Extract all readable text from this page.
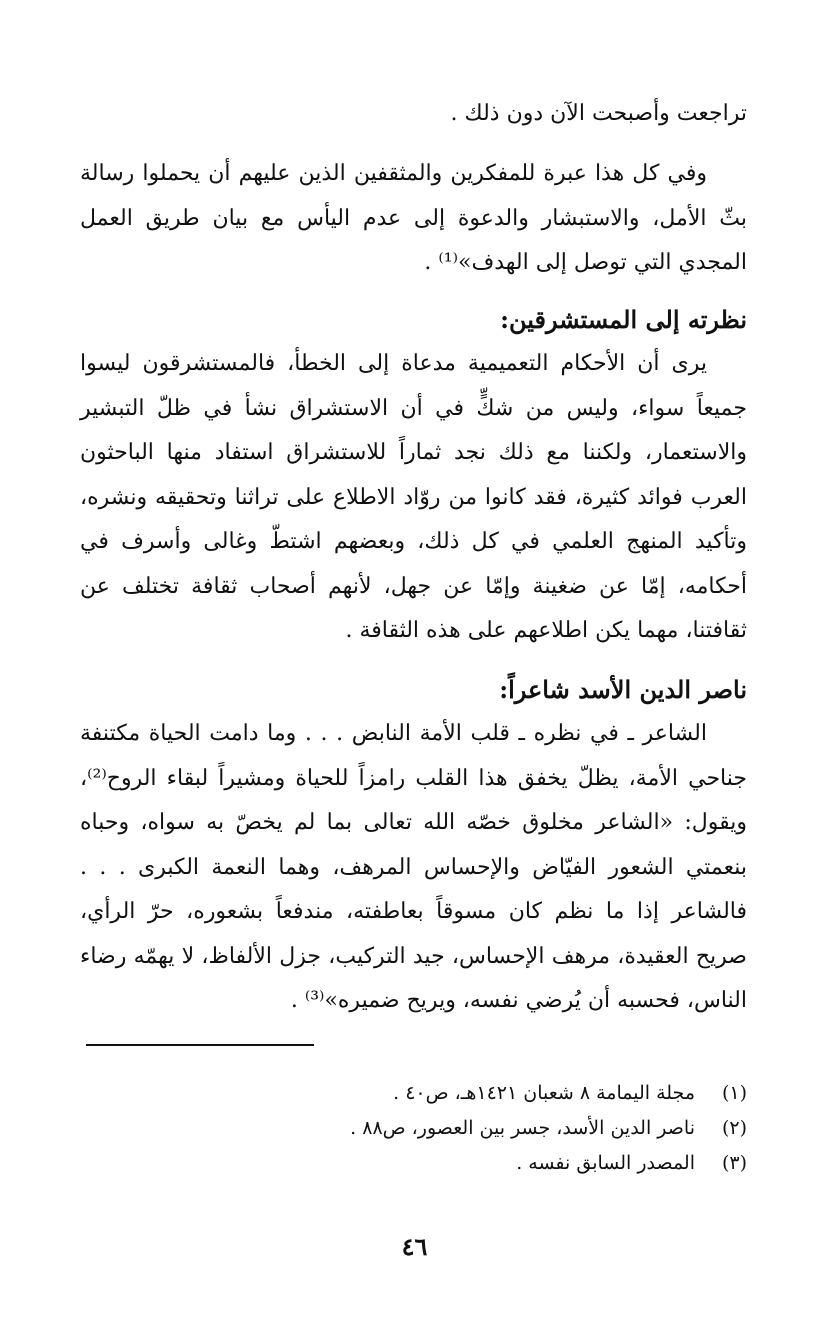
تراجعت وأصبحت الآن دون ذلك .

وفي كل هذا عبرة للمفكرين والمثقفين الذين عليهم أن يحملوا رسالة بثّ الأمل، والاستبشار والدعوة إلى عدم اليأس مع بيان طريق العمل المجدي التي توصل إلى الهدف»⁽¹⁾ .

نظرته إلى المستشرقين:

يرى أن الأحكام التعميمية مدعاة إلى الخطأ، فالمستشرقون ليسوا جميعاً سواء، وليس من شكٍّ في أن الاستشراق نشأ في ظلّ التبشير والاستعمار، ولكننا مع ذلك نجد ثماراً للاستشراق استفاد منها الباحثون العرب فوائد كثيرة، فقد كانوا من روّاد الاطلاع على تراثنا وتحقيقه ونشره، وتأكيد المنهج العلمي في كل ذلك، وبعضهم اشتطّ وغالى وأسرف في أحكامه، إمّا عن ضغينة وإمّا عن جهل، لأنهم أصحاب ثقافة تختلف عن ثقافتنا، مهما يكن اطلاعهم على هذه الثقافة .

ناصر الدين الأسد شاعراً:

الشاعر ـ في نظره ـ قلب الأمة النابض . . . وما دامت الحياة مكتنفة جناحي الأمة، يظلّ يخفق هذا القلب رامزاً للحياة ومشيراً لبقاء الروح⁽²⁾، ويقول: «الشاعر مخلوق خصّه الله تعالى بما لم يخصّ به سواه، وحباه بنعمتي الشعور الفيّاض والإحساس المرهف، وهما النعمة الكبرى . . . فالشاعر إذا ما نظم كان مسوقاً بعاطفته، مندفعاً بشعوره، حرّ الرأي، صريح العقيدة، مرهف الإحساس، جيد التركيب، جزل الألفاظ، لا يهمّه رضاء الناس، فحسبه أن يُرضي نفسه، ويريح ضميره»⁽³⁾ .

(١)
مجلة اليمامة ٨ شعبان ١٤٢١هـ، ص٤٠ .
(٢)
ناصر الدين الأسد، جسر بين العصور، ص٨٨ .
(٣)
المصدر السابق نفسه .
٤٦
